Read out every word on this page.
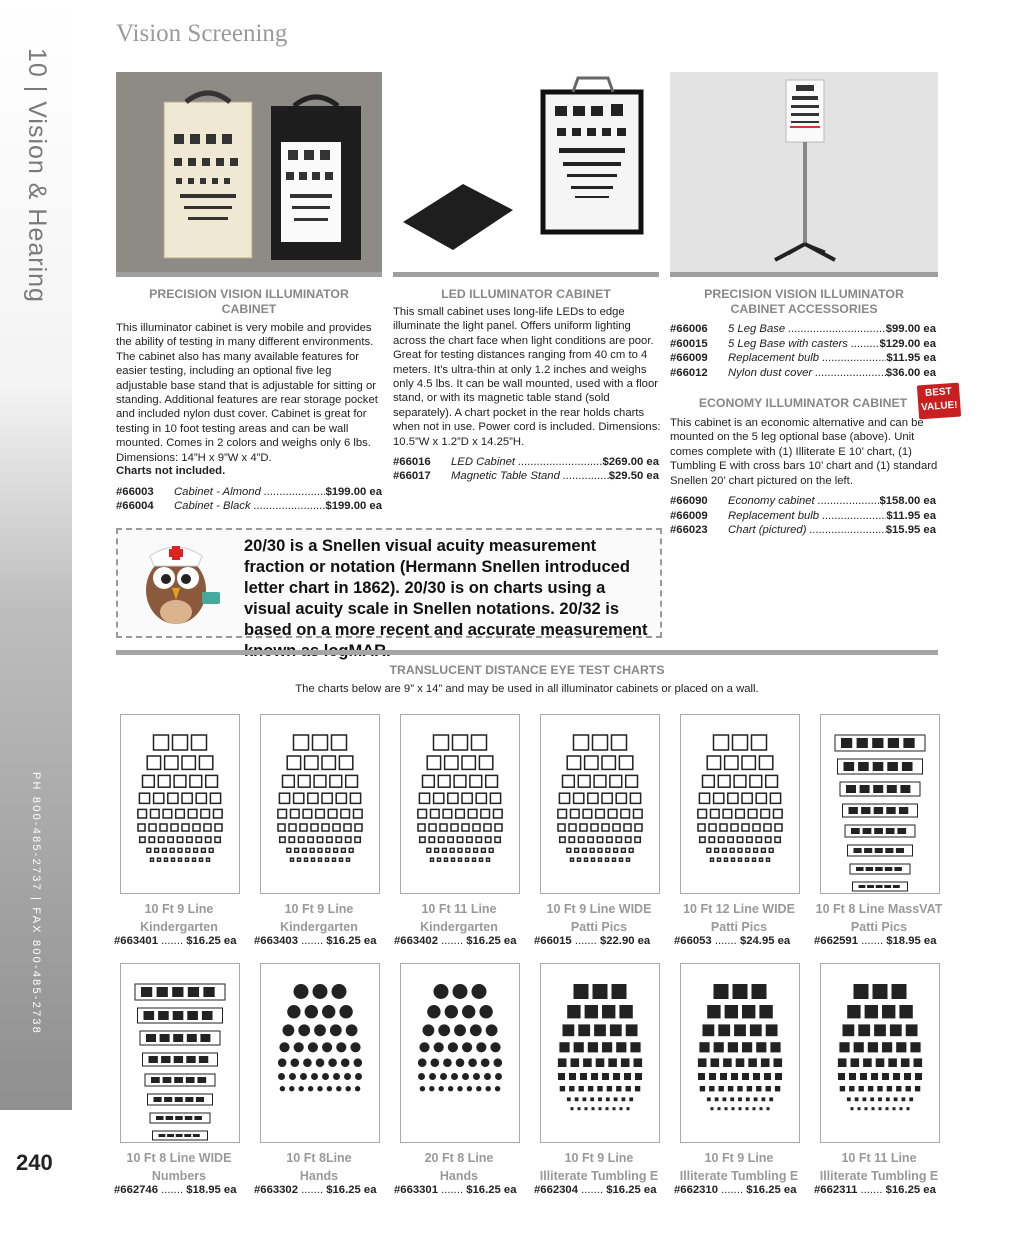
10 | Vision & Hearing
PH 800-485-2737 | FAX 800-485-2738
240
Vision Screening
PRECISION VISION ILLUMINATOR CABINET
This illuminator cabinet is very mobile and provides the ability of testing in many different environments. The cabinet also has many available features for easier testing, including an optional five leg adjustable base stand that is adjustable for sitting or standing. Additional features are rear storage pocket and included nylon dust cover. Cabinet is great for testing in 10 foot testing areas and can be wall mounted. Comes in 2 colors and weighs only 6 lbs. Dimensions: 14”H x 9”W x 4”D.
Charts not included.
#66003	Cabinet - Almond .....	$199.00 ea
#66004	Cabinet - Black .....	$199.00 ea
LED ILLUMINATOR CABINET
This small cabinet uses long-life LEDs to edge illuminate the light panel. Offers uniform lighting across the chart face when light conditions are poor. Great for testing distances ranging from 40 cm to 4 meters. It’s ultra-thin at only 1.2 inches and weighs only 4.5 lbs. It can be wall mounted, used with a floor stand, or with its magnetic table stand (sold separately). A chart pocket in the rear holds charts when not in use. Power cord is included. Dimensions: 10.5”W x 1.2”D x 14.25”H.
#66016	LED Cabinet .....	$269.00 ea
#66017	Magnetic Table Stand .....	$29.50 ea
PRECISION VISION ILLUMINATOR CABINET ACCESSORIES
#66006	5 Leg Base .....	$99.00 ea
#60015	5 Leg Base with casters .....	$129.00 ea
#66009	Replacement bulb .....	$11.95 ea
#66012	Nylon dust cover .....	$36.00 ea
ECONOMY ILLUMINATOR CABINET
BEST
VALUE!
This cabinet is an economic alternative and can be mounted on the 5 leg optional base (above). Unit comes complete with (1) Illiterate E 10’ chart, (1) Tumbling E with cross bars 10’ chart and (1) standard Snellen 20’ chart pictured on the left.
#66090	Economy cabinet .....	$158.00 ea
#66009	Replacement bulb .....	$11.95 ea
#66023	Chart (pictured) .....	$15.95 ea
20/30 is a Snellen visual acuity measurement fraction or notation (Hermann Snellen introduced letter chart in 1862). 20/30 is on charts using a visual acuity scale in Snellen notations. 20/32 is based on a more recent and accurate measurement
TRANSLUCENT DISTANCE EYE TEST CHARTS
The charts below are 9” x 14” and may be used in all illuminator cabinets or placed on a wall.
10 Ft 9 Line
Kindergarten
#663401 ....... $16.25 ea
10 Ft 9 Line
Kindergarten
#663403 ....... $16.25 ea
10 Ft 11 Line
Kindergarten
#663402 ....... $16.25 ea
10 Ft 9 Line WIDE
Patti Pics
#66015 ....... $22.90 ea
10 Ft 12 Line WIDE
Patti Pics
#66053 ....... $24.95 ea
10 Ft 8 Line MassVAT
Patti Pics
#662591 ....... $18.95 ea
10 Ft 8 Line WIDE
Numbers
#662746 ....... $18.95 ea
10 Ft 8Line
Hands
#663302 ....... $16.25 ea
20 Ft 8 Line
Hands
#663301 ....... $16.25 ea
10 Ft 9 Line
Illiterate Tumbling E
#662304 ....... $16.25 ea
10 Ft 9 Line
Illiterate Tumbling E
#662310 ....... $16.25 ea
10 Ft 11 Line
Illiterate Tumbling E
#662311 ....... $16.25 ea
